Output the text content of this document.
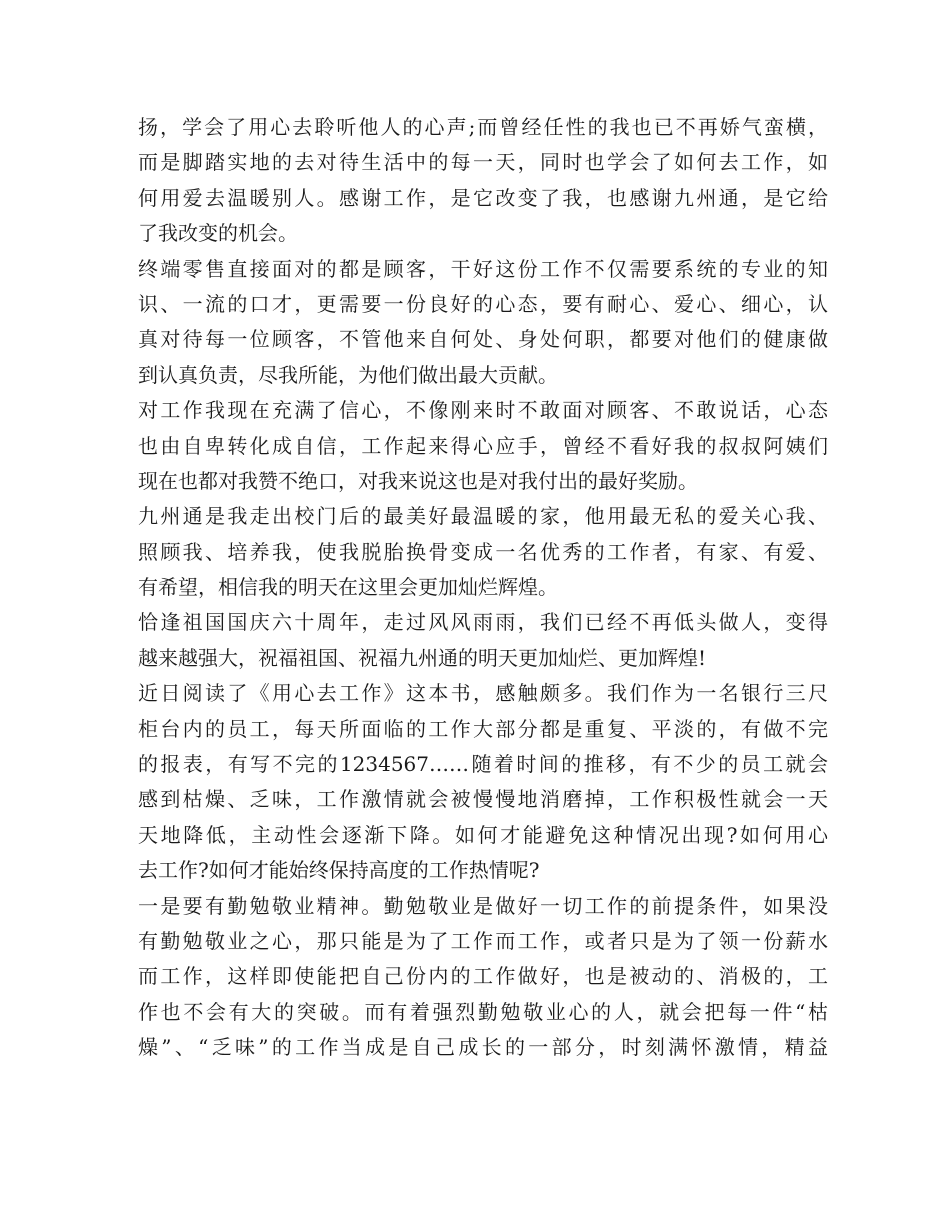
扬，学会了用心去聆听他人的心声;而曾经任性的我也已不再娇气蛮横，
而是脚踏实地的去对待生活中的每一天，同时也学会了如何去工作，如
何用爱去温暖别人。感谢工作，是它改变了我，也感谢九州通，是它给
了我改变的机会。
终端零售直接面对的都是顾客，干好这份工作不仅需要系统的专业的知
识、一流的口才，更需要一份良好的心态，要有耐心、爱心、细心，认
真对待每一位顾客，不管他来自何处、身处何职，都要对他们的健康做
到认真负责，尽我所能，为他们做出最大贡献。
对工作我现在充满了信心，不像刚来时不敢面对顾客、不敢说话，心态
也由自卑转化成自信，工作起来得心应手，曾经不看好我的叔叔阿姨们
现在也都对我赞不绝口，对我来说这也是对我付出的最好奖励。
九州通是我走出校门后的最美好最温暖的家，他用最无私的爱关心我、
照顾我、培养我，使我脱胎换骨变成一名优秀的工作者，有家、有爱、
有希望，相信我的明天在这里会更加灿烂辉煌。
恰逢祖国国庆六十周年，走过风风雨雨，我们已经不再低头做人，变得
越来越强大，祝福祖国、祝福九州通的明天更加灿烂、更加辉煌!
近日阅读了《用心去工作》这本书，感触颇多。我们作为一名银行三尺
柜台内的员工，每天所面临的工作大部分都是重复、平淡的，有做不完
的报表，有写不完的1234567……随着时间的推移，有不少的员工就会
感到枯燥、乏味，工作激情就会被慢慢地消磨掉，工作积极性就会一天
天地降低，主动性会逐渐下降。如何才能避免这种情况出现?如何用心
去工作?如何才能始终保持高度的工作热情呢?
一是要有勤勉敬业精神。勤勉敬业是做好一切工作的前提条件，如果没
有勤勉敬业之心，那只能是为了工作而工作，或者只是为了领一份薪水
而工作，这样即使能把自己份内的工作做好，也是被动的、消极的，工
作也不会有大的突破。而有着强烈勤勉敬业心的人，就会把每一件“枯
燥”、“乏味”的工作当成是自己成长的一部分，时刻满怀激情，精益
